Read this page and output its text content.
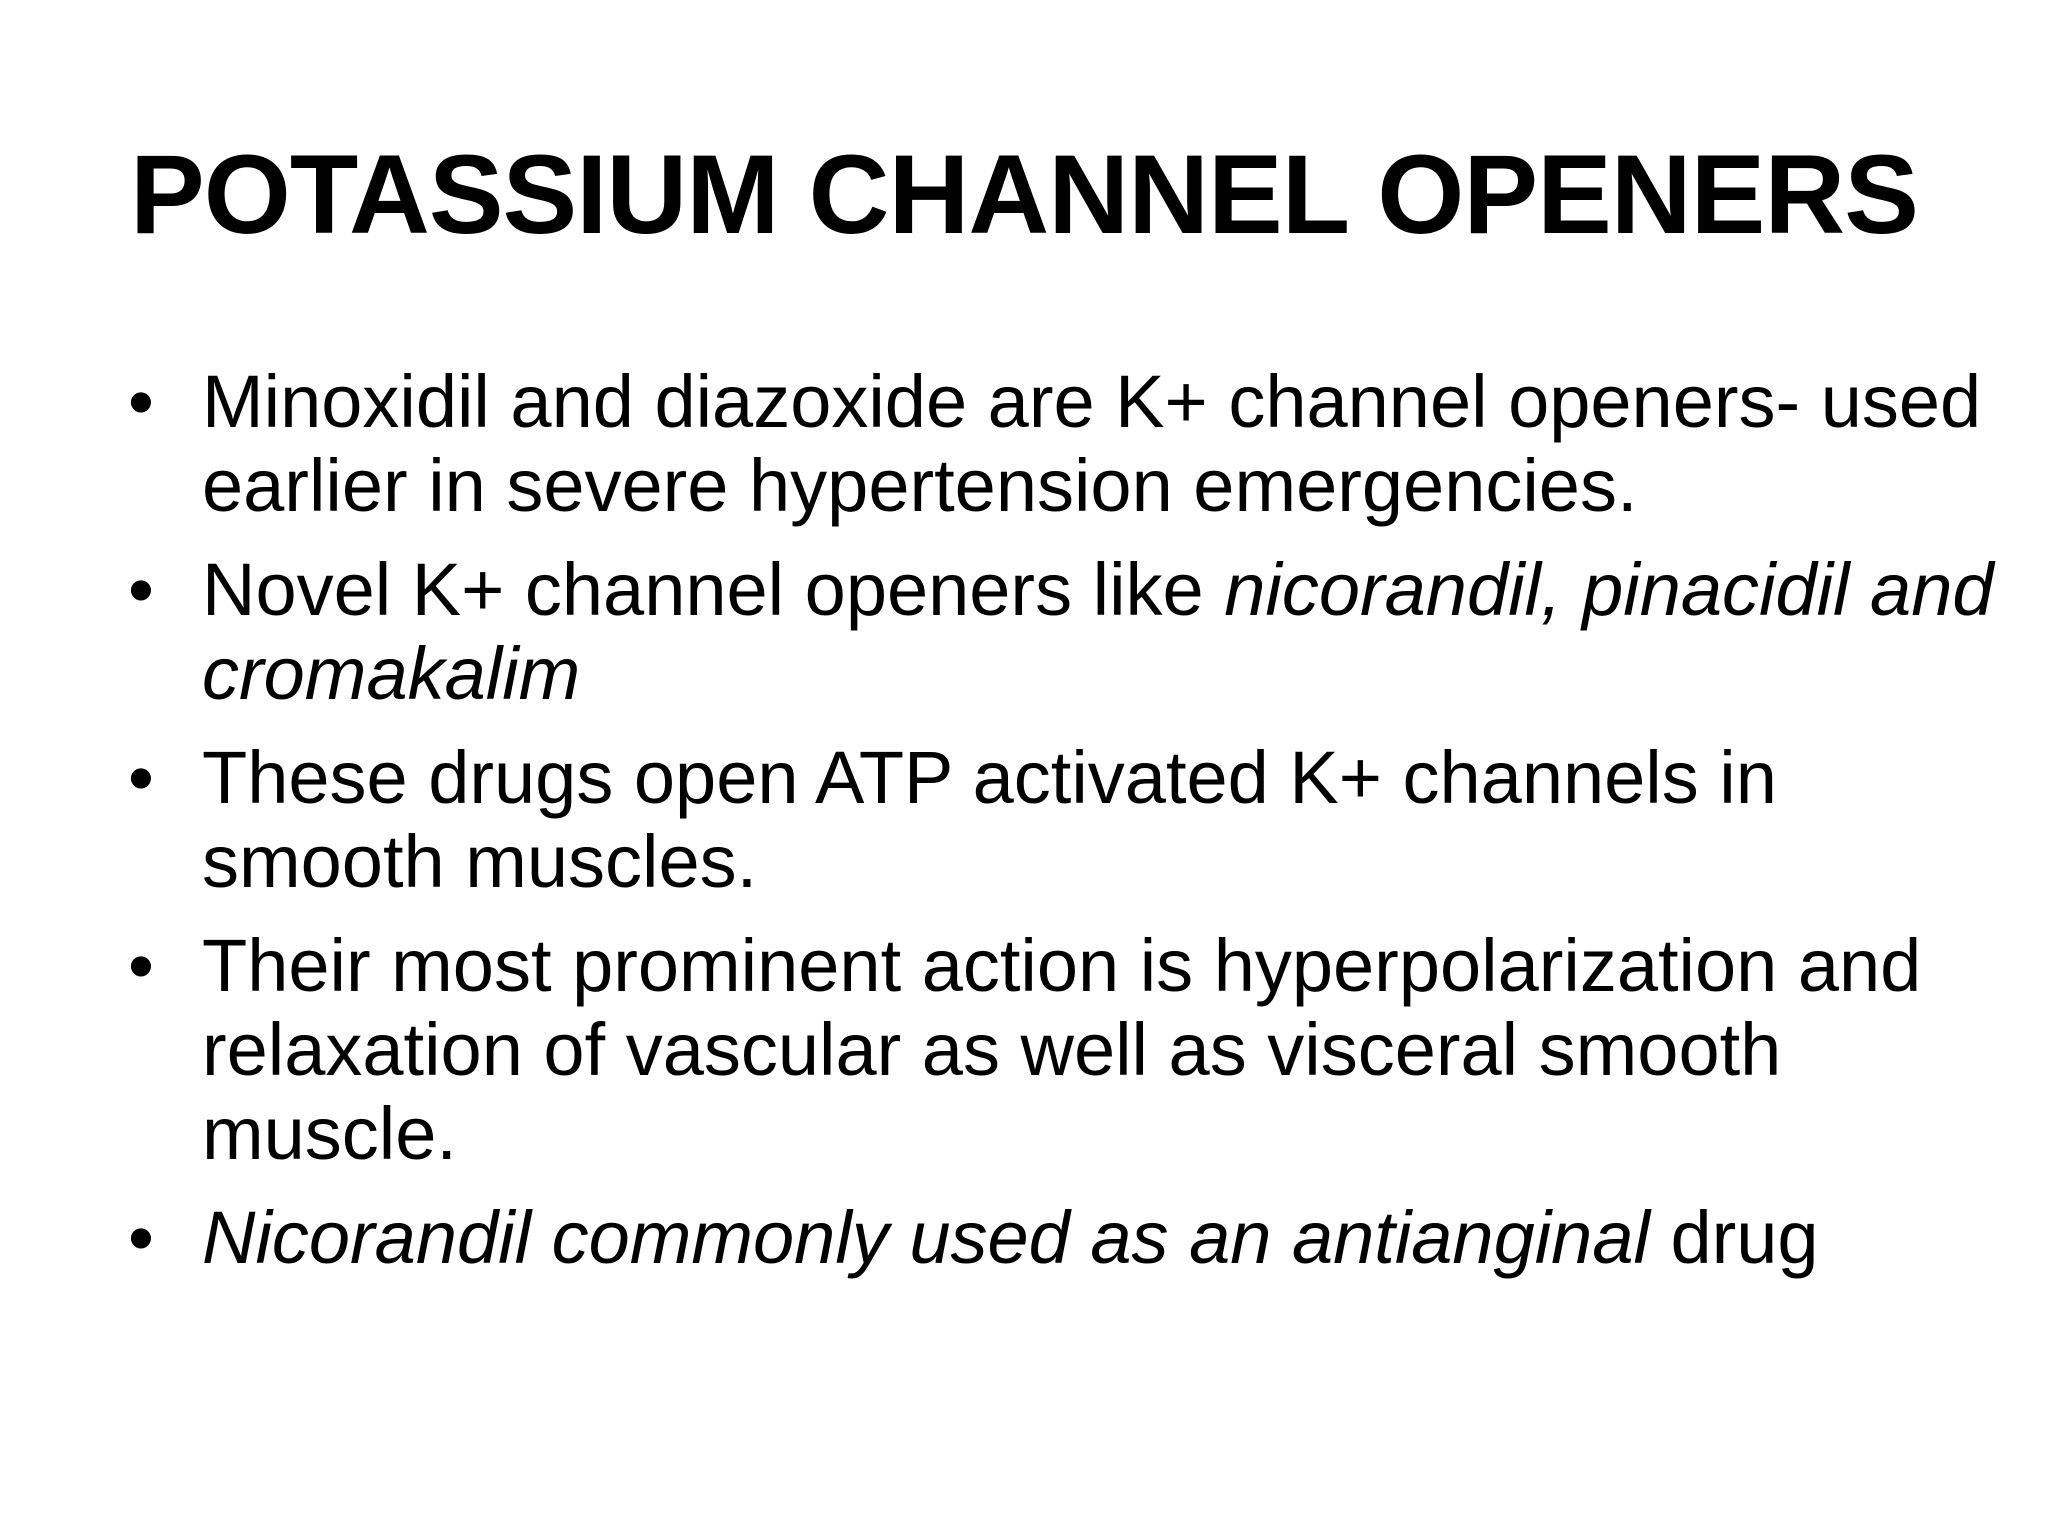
POTASSIUM CHANNEL OPENERS
• Minoxidil and diazoxide are K+ channel openers- used earlier in severe hypertension emergencies.
• Novel K+ channel openers like nicorandil, pinacidil and cromakalim
• These drugs open ATP activated K+ channels in smooth muscles.
• Their most prominent action is hyperpolarization and relaxation of vascular as well as visceral smooth muscle.
• Nicorandil commonly used as an antianginal drug
